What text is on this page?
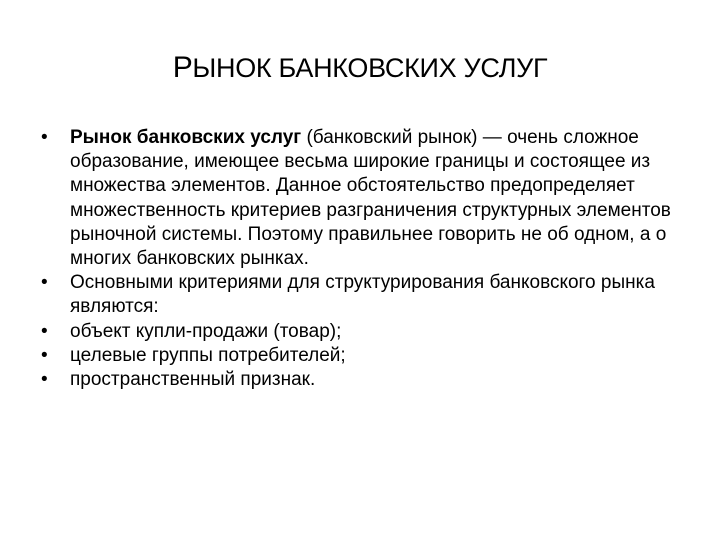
РЫНОК БАНКОВСКИХ УСЛУГ
• Рынок банковских услуг (банковский рынок) — очень сложное образование, имеющее весьма широкие границы и состоящее из множества элементов. Данное обстоятельство предопределяет множественность критериев разграничения структурных элементов рыночной системы. Поэтому правильнее говорить не об одном, а о многих банковских рынках.
• Основными критериями для структурирования банковского рынка являются:
• объект купли-продажи (товар);
• целевые группы потребителей;
• пространственный признак.
